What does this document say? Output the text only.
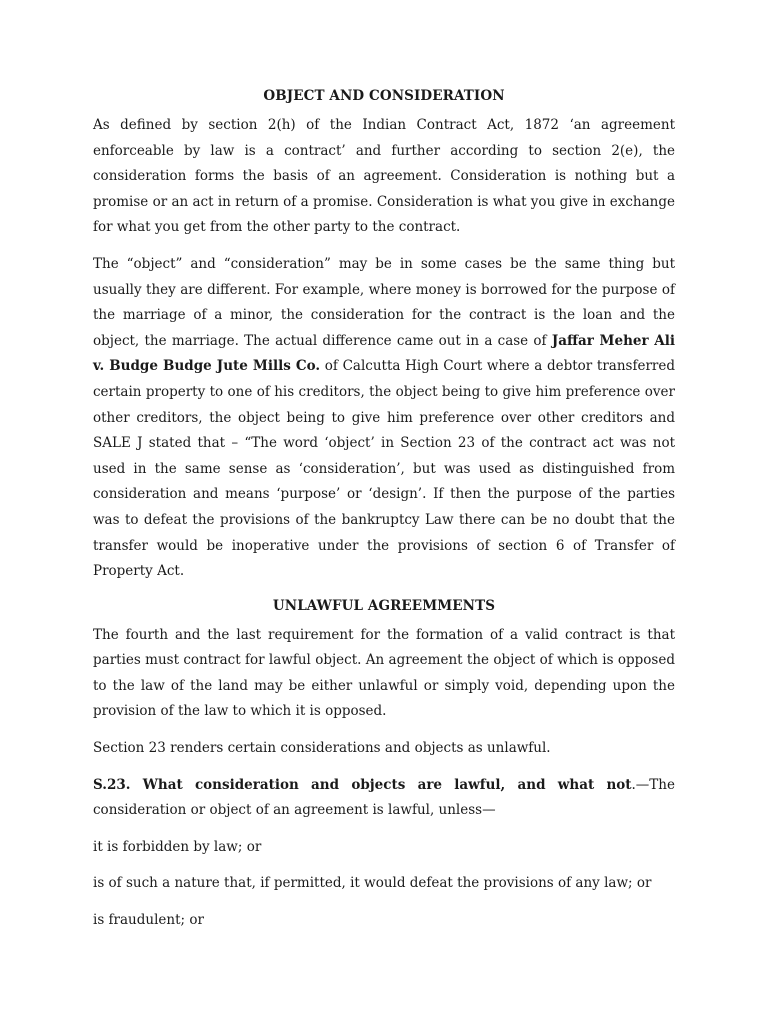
OBJECT AND CONSIDERATION

As defined by section 2(h) of the Indian Contract Act, 1872 ‘an agreement enforceable by law is a contract’ and further according to section 2(e), the consideration forms the basis of an agreement. Consideration is nothing but a promise or an act in return of a promise. Consideration is what you give in exchange for what you get from the other party to the contract.

The “object” and “consideration” may be in some cases be the same thing but usually they are different. For example, where money is borrowed for the purpose of the marriage of a minor, the consideration for the contract is the loan and the object, the marriage. The actual difference came out in a case of Jaffar Meher Ali v. Budge Budge Jute Mills Co. of Calcutta High Court where a debtor transferred certain property to one of his creditors, the object being to give him preference over other creditors, the object being to give him preference over other creditors and SALE J stated that – “The word ‘object’ in Section 23 of the contract act was not used in the same sense as ‘consideration’, but was used as distinguished from consideration and means ‘purpose’ or ‘design’. If then the purpose of the parties was to defeat the provisions of the bankruptcy Law there can be no doubt that the transfer would be inoperative under the provisions of section 6 of Transfer of Property Act.

UNLAWFUL AGREEMMENTS

The fourth and the last requirement for the formation of a valid contract is that parties must contract for lawful object. An agreement the object of which is opposed to the law of the land may be either unlawful or simply void, depending upon the provision of the law to which it is opposed.

Section 23 renders certain considerations and objects as unlawful.

S.23. What consideration and objects are lawful, and what not.—The consideration or object of an agreement is lawful, unless—

it is forbidden by law; or

is of such a nature that, if permitted, it would defeat the provisions of any law; or

is fraudulent; or
